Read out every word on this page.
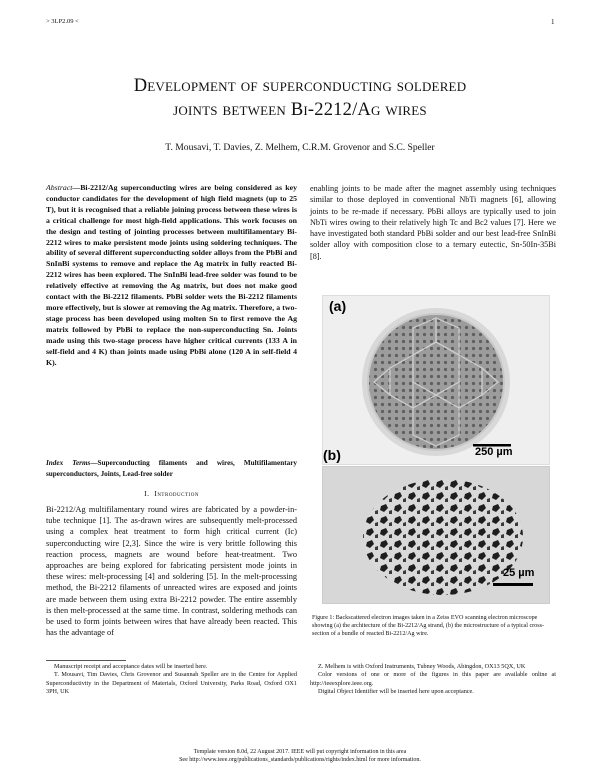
> 3LP2.09 <	1
Development of superconducting soldered
joints between Bi-2212/Ag wires
T. Mousavi, T. Davies, Z. Melhem, C.R.M. Grovenor and S.C. Speller
Abstract—Bi-2212/Ag superconducting wires are being considered as key conductor candidates for the development of high field magnets (up to 25 T), but it is recognised that a reliable joining process between these wires is a critical challenge for most high-field applications. This work focuses on the design and testing of jointing processes between multifilamentary Bi-2212 wires to make persistent mode joints using soldering techniques. The ability of several different superconducting solder alloys from the PbBi and SnInBi systems to remove and replace the Ag matrix in fully reacted Bi-2212 wires has been explored. The SnInBi lead-free solder was found to be relatively effective at removing the Ag matrix, but does not make good contact with the Bi-2212 filaments. PbBi solder wets the Bi-2212 filaments more effectively, but is slower at removing the Ag matrix. Therefore, a two-stage process has been developed using molten Sn to first remove the Ag matrix followed by PbBi to replace the non-superconducting Sn. Joints made using this two-stage process have higher critical currents (133 A in self-field and 4 K) than joints made using PbBi alone (120 A in self-field 4 K).
Index Terms—Superconducting filaments and wires, Multifilamentary superconductors, Joints, Lead-free solder
I. Introduction
Bi-2212/Ag multifilamentary round wires are fabricated by a powder-in-tube technique [1]. The as-drawn wires are subsequently melt-processed using a complex heat treatment to form high critical current (Ic) superconducting wire [2,3]. Since the wire is very brittle following this reaction process, magnets are wound before heat-treatment. Two approaches are being explored for fabricating persistent mode joints in these wires: melt-processing [4] and soldering [5]. In the melt-processing method, the Bi-2212 filaments of unreacted wires are exposed and joints are made between them using extra Bi-2212 powder. The entire assembly is then melt-processed at the same time. In contrast, soldering methods can be used to form joints between wires that have already been reacted. This has the advantage of
enabling joints to be made after the magnet assembly using techniques similar to those deployed in conventional NbTi magnets [6], allowing joints to be re-made if necessary. PbBi alloys are typically used to join NbTi wires owing to their relatively high Tc and Bc2 values [7]. Here we have investigated both standard PbBi solder and our best lead-free SnInBi solder alloy with composition close to a ternary eutectic, Sn-50In-35Bi [8].
(a)
250 µm
(b)
25 µm
Figure 1: Backscattered electron images taken in a Zeiss EVO scanning electron microscope showing (a) the architecture of the Bi-2212/Ag strand, (b) the microstructure of a typical cross-section of a bundle of reacted Bi-2212/Ag wire.

Manuscript receipt and acceptance dates will be inserted here.

T. Mousavi, Tim Davies, Chris Grovenor and Susannah Speller are in the Centre for Applied Superconductivity in the Department of Materials, Oxford University, Parks Road, Oxford OX1 3PH, UK

Z. Melhem is with Oxford Instruments, Tubney Woods, Abingdon, OX13 5QX, UK

Color versions of one or more of the figures in this paper are available online at http://ieeexplore.ieee.org.

Digital Object Identifier will be inserted here upon acceptance.

Template version 8.0d, 22 August 2017. IEEE will put copyright information in this area

See http://www.ieee.org/publications_standards/publications/rights/index.html for more information.
